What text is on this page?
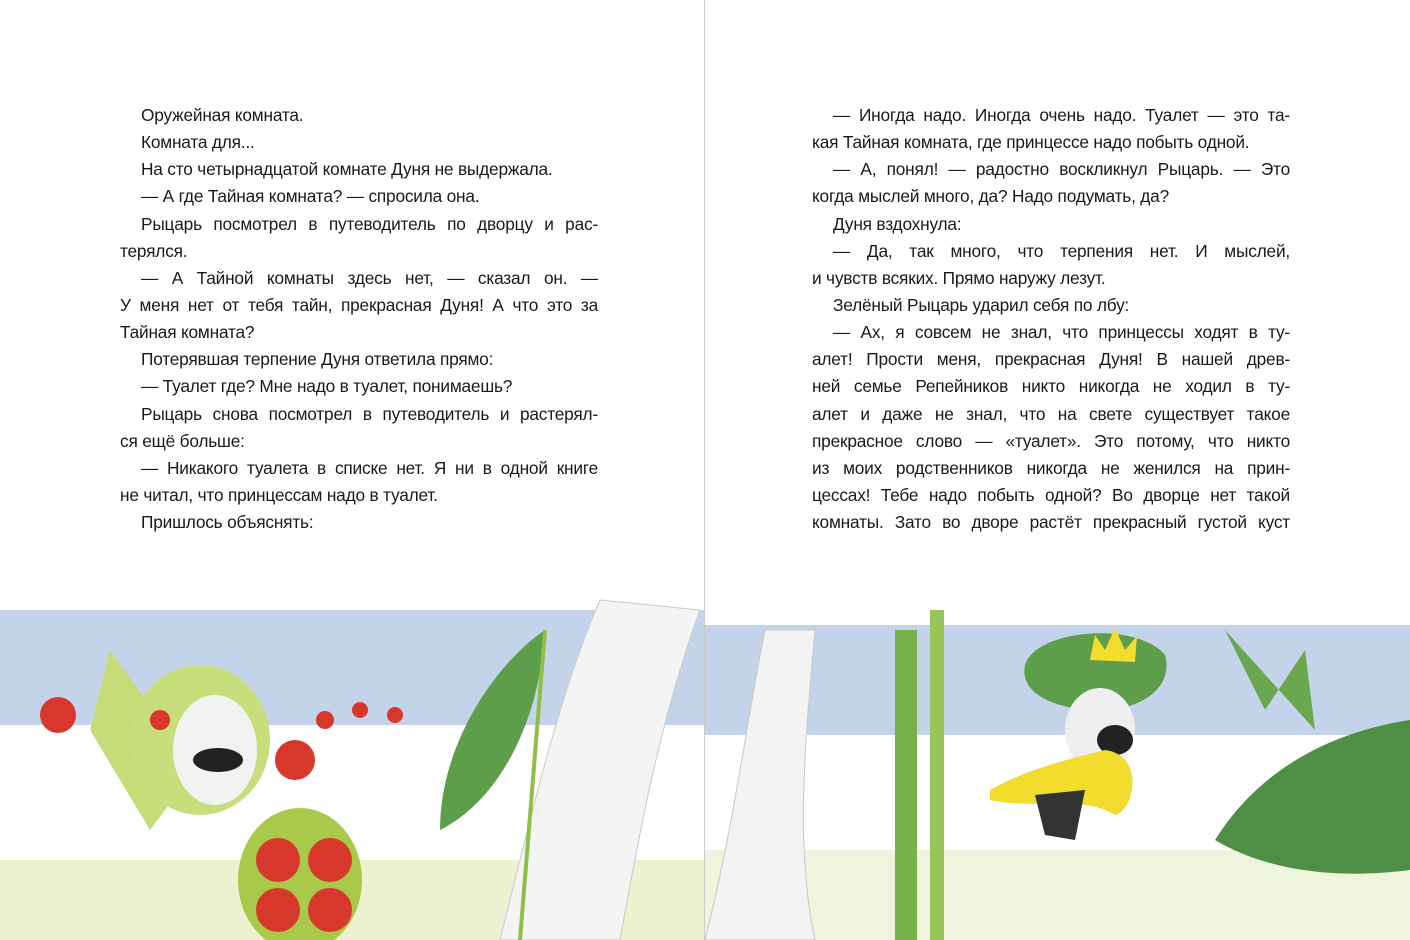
Оружейная комната.
Комната для...
На сто четырнадцатой комнате Дуня не выдержала.
— А где Тайная комната? — спросила она.
Рыцарь посмотрел в путеводитель по дворцу и рас-
терялся.
— А Тайной комнаты здесь нет, — сказал он. —
У меня нет от тебя тайн, прекрасная Дуня! А что это за
Тайная комната?
Потерявшая терпение Дуня ответила прямо:
— Туалет где? Мне надо в туалет, понимаешь?
Рыцарь снова посмотрел в путеводитель и растерял-
ся ещё больше:
— Никакого туалета в списке нет. Я ни в одной книге
не читал, что принцессам надо в туалет.
Пришлось объяснять:
— Иногда надо. Иногда очень надо. Туалет — это та-
кая Тайная комната, где принцессе надо побыть одной.
— А, понял! — радостно воскликнул Рыцарь. — Это
когда мыслей много, да? Надо подумать, да?
Дуня вздохнула:
— Да, так много, что терпения нет. И мыслей,
и чувств всяких. Прямо наружу лезут.
Зелёный Рыцарь ударил себя по лбу:
— Ах, я совсем не знал, что принцессы ходят в ту-
алет! Прости меня, прекрасная Дуня! В нашей древ-
ней семье Репейников никто никогда не ходил в ту-
алет и даже не знал, что на свете существует такое
прекрасное слово — «туалет». Это потому, что никто
из моих родственников никогда не женился на прин-
цессах! Тебе надо побыть одной? Во дворце нет такой
комнаты. Зато во дворе растёт прекрасный густой куст
